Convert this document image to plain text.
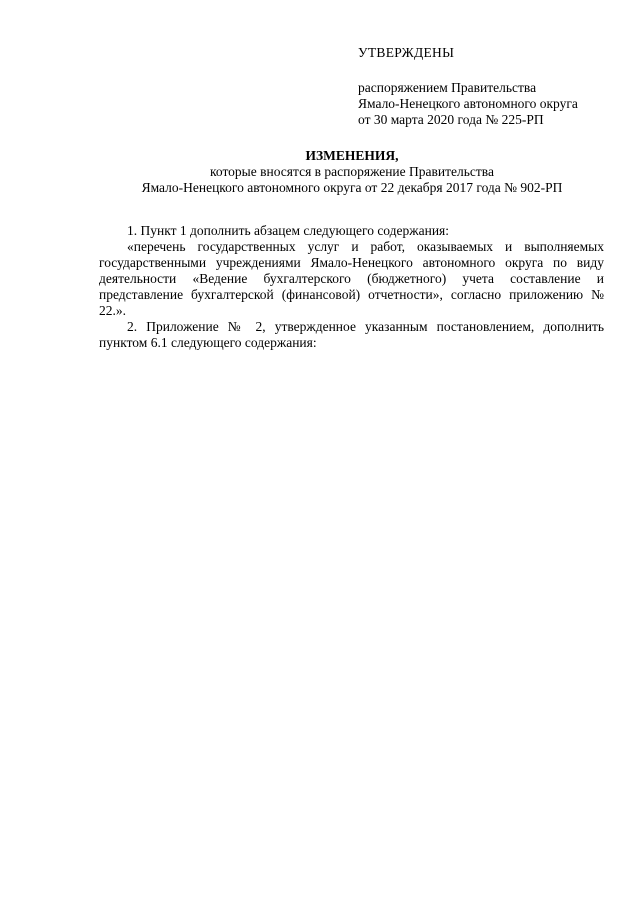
УТВЕРЖДЕНЫ

распоряжением Правительства

Ямало-Ненецкого автономного округа

от 30 марта 2020 года № 225-РП

ИЗМЕНЕНИЯ,

которые вносятся в распоряжение Правительства

Ямало-Ненецкого автономного округа от 22 декабря 2017 года № 902-РП

1. Пункт 1 дополнить абзацем следующего содержания:

«перечень государственных услуг и работ, оказываемых и выполняемых государственными учреждениями Ямало-Ненецкого автономного округа по виду деятельности «Ведение бухгалтерского (бюджетного) учета составление и представление бухгалтерской (финансовой) отчетности», согласно приложению № 22.».

2. Приложение № 2, утвержденное указанным постановлением, дополнить пунктом 6.1 следующего содержания:
